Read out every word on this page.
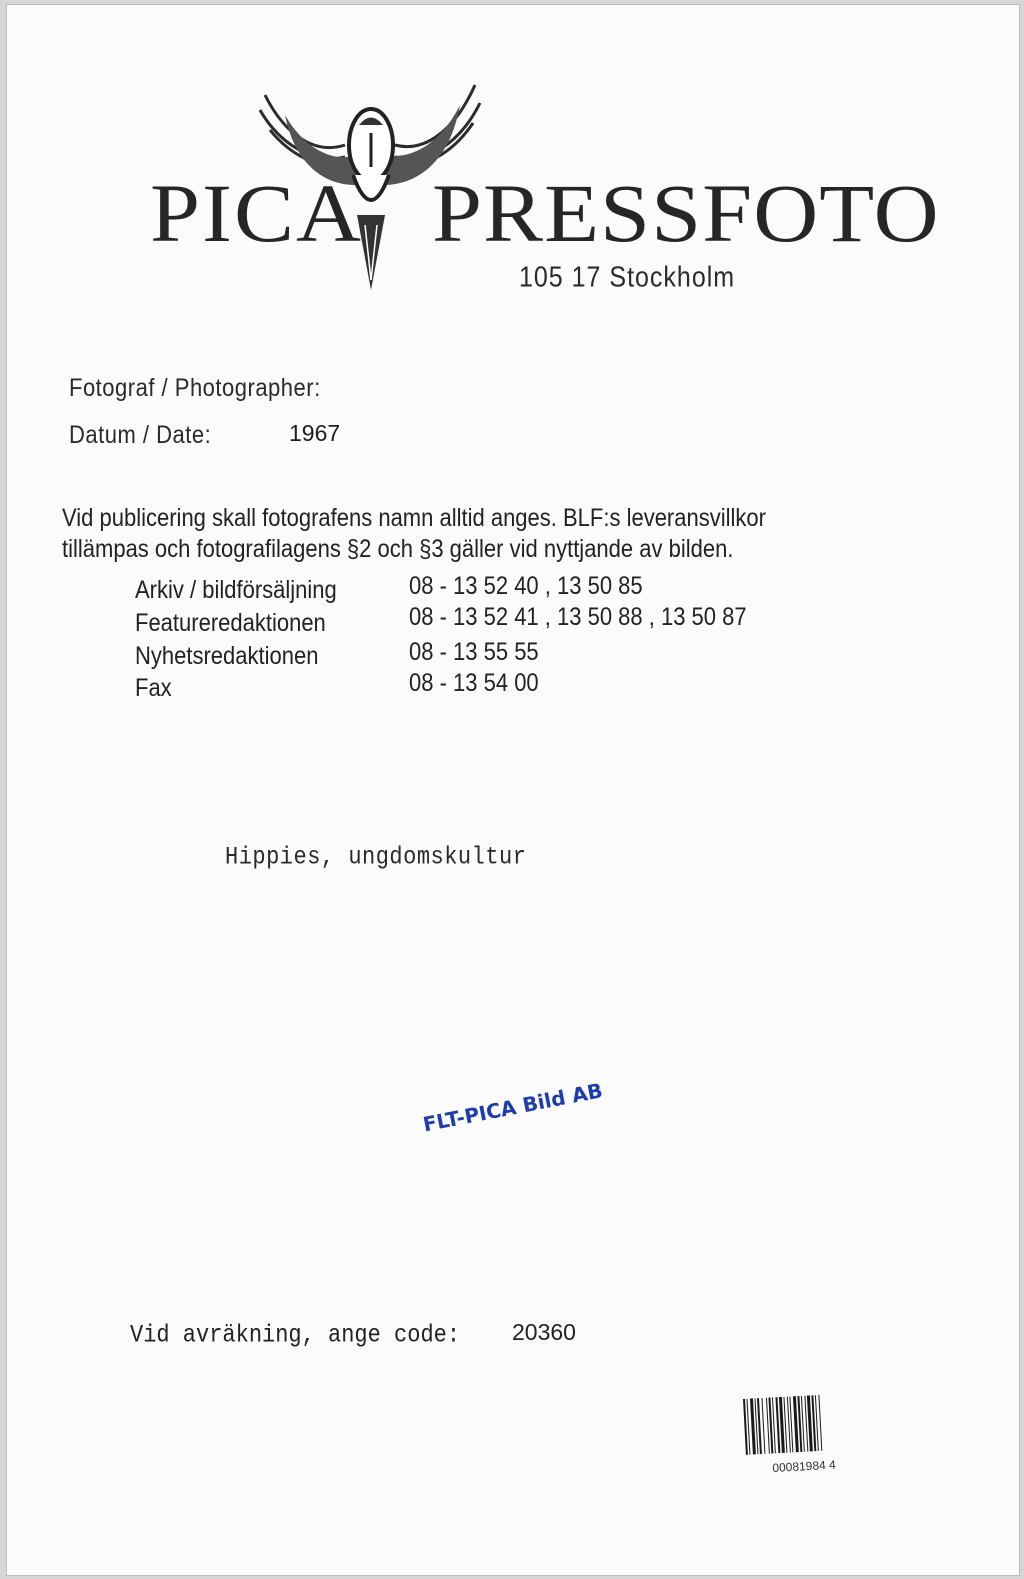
PICA PRESSFOTO
105 17 Stockholm
Fotograf / Photographer:
Datum / Date:	1967
Vid publicering skall fotografens namn alltid anges. BLF:s leveransvillkor
tillämpas och fotografilagens §2 och §3 gäller vid nyttjande av bilden.
Arkiv / bildförsäljning	08 - 13 52 40 , 13 50 85
Featureredaktionen	08 - 13 52 41 , 13 50 88 , 13 50 87
Nyhetsredaktionen	08 - 13 55 55
Fax	08 - 13 54 00
Hippies, ungdomskultur
FLT-PICA Bild AB
Vid avräkning, ange code: 20360
00081984 4
